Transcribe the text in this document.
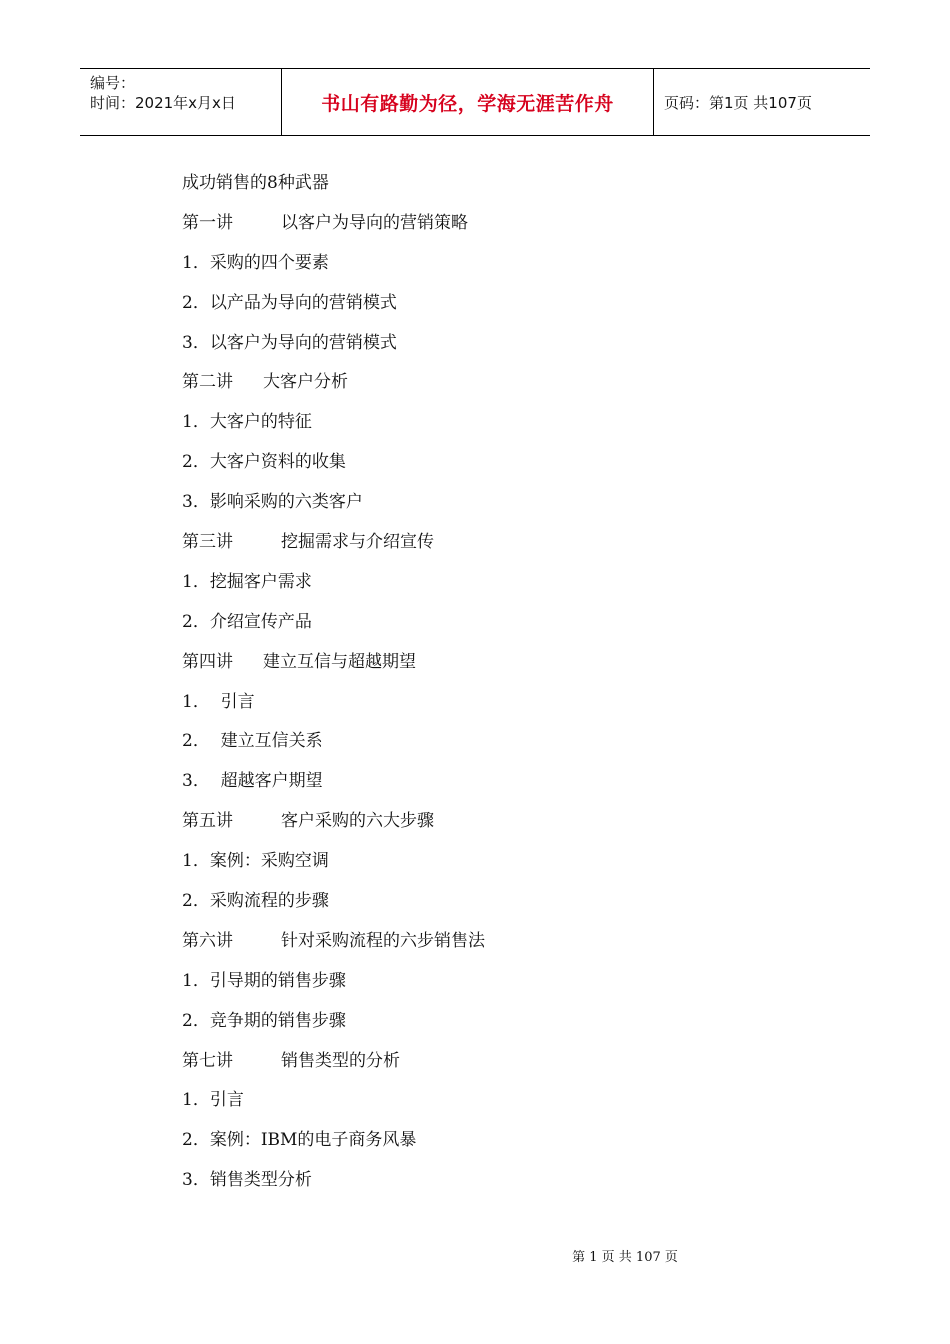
编号：
时间：2021年x月x日	书山有路勤为径，学海无涯苦作舟	页码：第1页 共107页
成功销售的8种武器
第一讲	以客户为导向的营销策略
1．采购的四个要素
2．以产品为导向的营销模式
3．以客户为导向的营销模式
第二讲 大客户分析
1．大客户的特征
2．大客户资料的收集
3．影响采购的六类客户
第三讲	挖掘需求与介绍宣传
1．挖掘客户需求
2．介绍宣传产品
第四讲 建立互信与超越期望
1．  引言
2．  建立互信关系
3．  超越客户期望
第五讲	客户采购的六大步骤
1．案例：采购空调
2．采购流程的步骤
第六讲	针对采购流程的六步销售法
1．引导期的销售步骤
2．竞争期的销售步骤
第七讲	销售类型的分析
1．引言
2．案例：IBM的电子商务风暴
3．销售类型分析
第 1 页 共 107 页
